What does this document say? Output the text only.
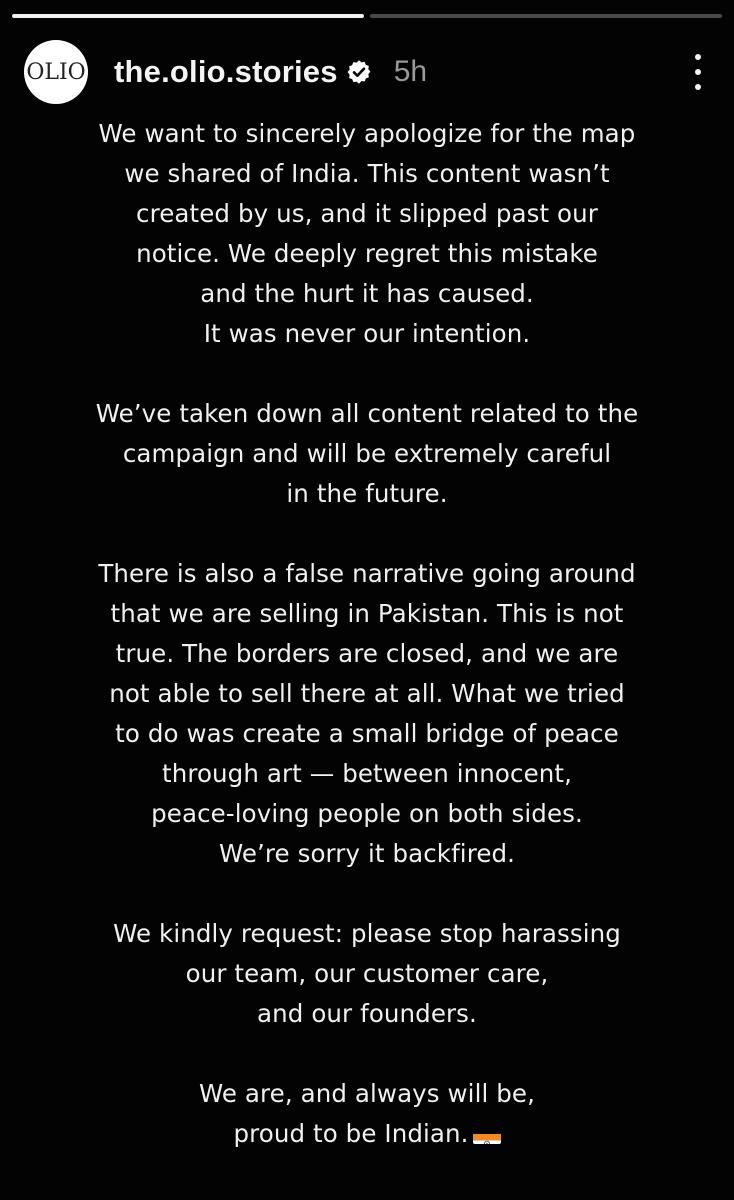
OLIO the.olio.stories 5h
We want to sincerely apologize for the map
we shared of India. This content wasn’t
created by us, and it slipped past our
notice. We deeply regret this mistake
and the hurt it has caused.
It was never our intention.
We’ve taken down all content related to the
campaign and will be extremely careful
in the future.
There is also a false narrative going around
that we are selling in Pakistan. This is not
true. The borders are closed, and we are
not able to sell there at all. What we tried
to do was create a small bridge of peace
through art — between innocent,
peace-loving people on both sides.
We’re sorry it backfired.
We kindly request: please stop harassing
our team, our customer care,
and our founders.
We are, and always will be,
proud to be Indian.
